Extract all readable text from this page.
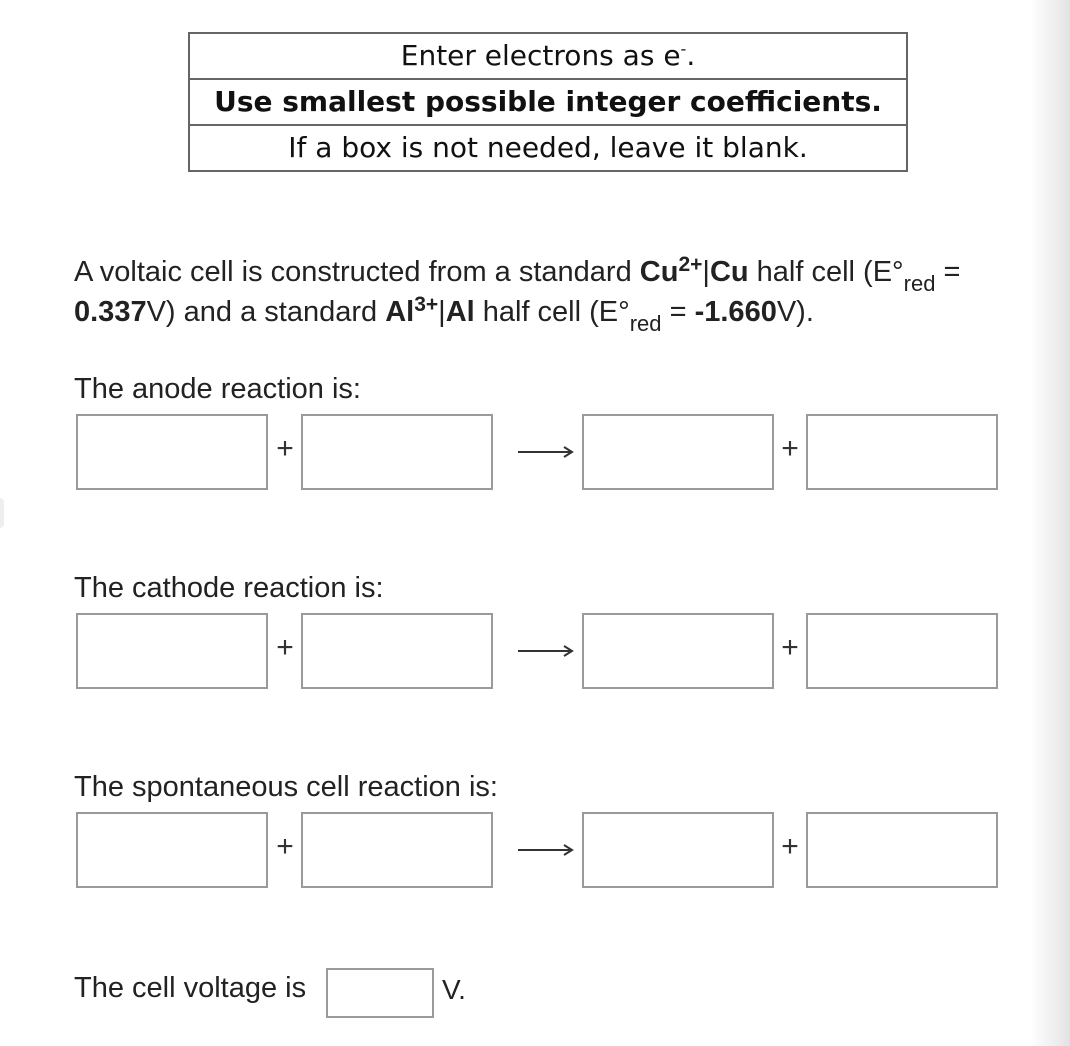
Enter electrons as e-.
Use smallest possible integer coefficients.
If a box is not needed, leave it blank.
A voltaic cell is constructed from a standard $Cu^{2+}|Cu$ half cell $(E^\circ_{red} = 0.337V)$ and a standard $Al^{3+}|Al$ half cell $(E^\circ_{red} = -1.660V)$.
The anode reaction is:
+	+
The cathode reaction is:
+	+
The spontaneous cell reaction is:
+	+
The cell voltage is	V.
